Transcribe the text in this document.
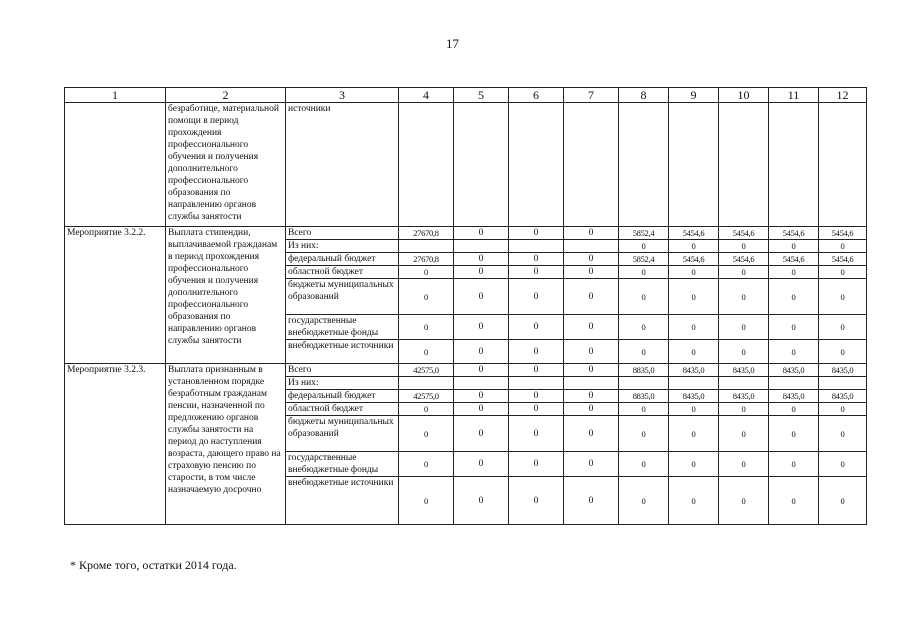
17
1	2	3	4	5	6	7	8	9	10	11	12
	безработице, материальной помощи в период прохождения профессионального обучения и получения дополнительного профессионального образования по направлению органов службы занятости	источники									
Мероприятие 3.2.2.	Выплата стипендии, выплачиваемой гражданам в период прохождения профессионального обучения и получения дополнительного профессионального образования по направлению органов службы занятости	Всего	27670,8	0	0	0	5852,4	5454,6	5454,6	5454,6	5454,6
		Из них:					0	0	0	0	0
		федеральный бюджет	27670,8	0	0	0	5852,4	5454,6	5454,6	5454,6	5454,6
		областной бюджет	0	0	0	0	0	0	0	0	0
		бюджеты муниципальных образований	0	0	0	0	0	0	0	0	0
		государственные внебюджетные фонды	0	0	0	0	0	0	0	0	0
		внебюджетные источники	0	0	0	0	0	0	0	0	0
Мероприятие 3.2.3.	Выплата признанным в установленном порядке безработным гражданам пенсии, назначенной по предложению органов службы занятости на период до наступления возраста, дающего право на страховую пенсию по старости, в том числе назначаемую досрочно	Всего	42575,0	0	0	0	8835,0	8435,0	8435,0	8435,0	8435,0
		Из них:									
		федеральный бюджет	42575,0	0	0	0	8835,0	8435,0	8435,0	8435,0	8435,0
		областной бюджет	0	0	0	0	0	0	0	0	0
		бюджеты муниципальных образований	0	0	0	0	0	0	0	0	0
		государственные внебюджетные фонды	0	0	0	0	0	0	0	0	0
		внебюджетные источники	0	0	0	0	0	0	0	0	0
* Кроме того, остатки 2014 года.
